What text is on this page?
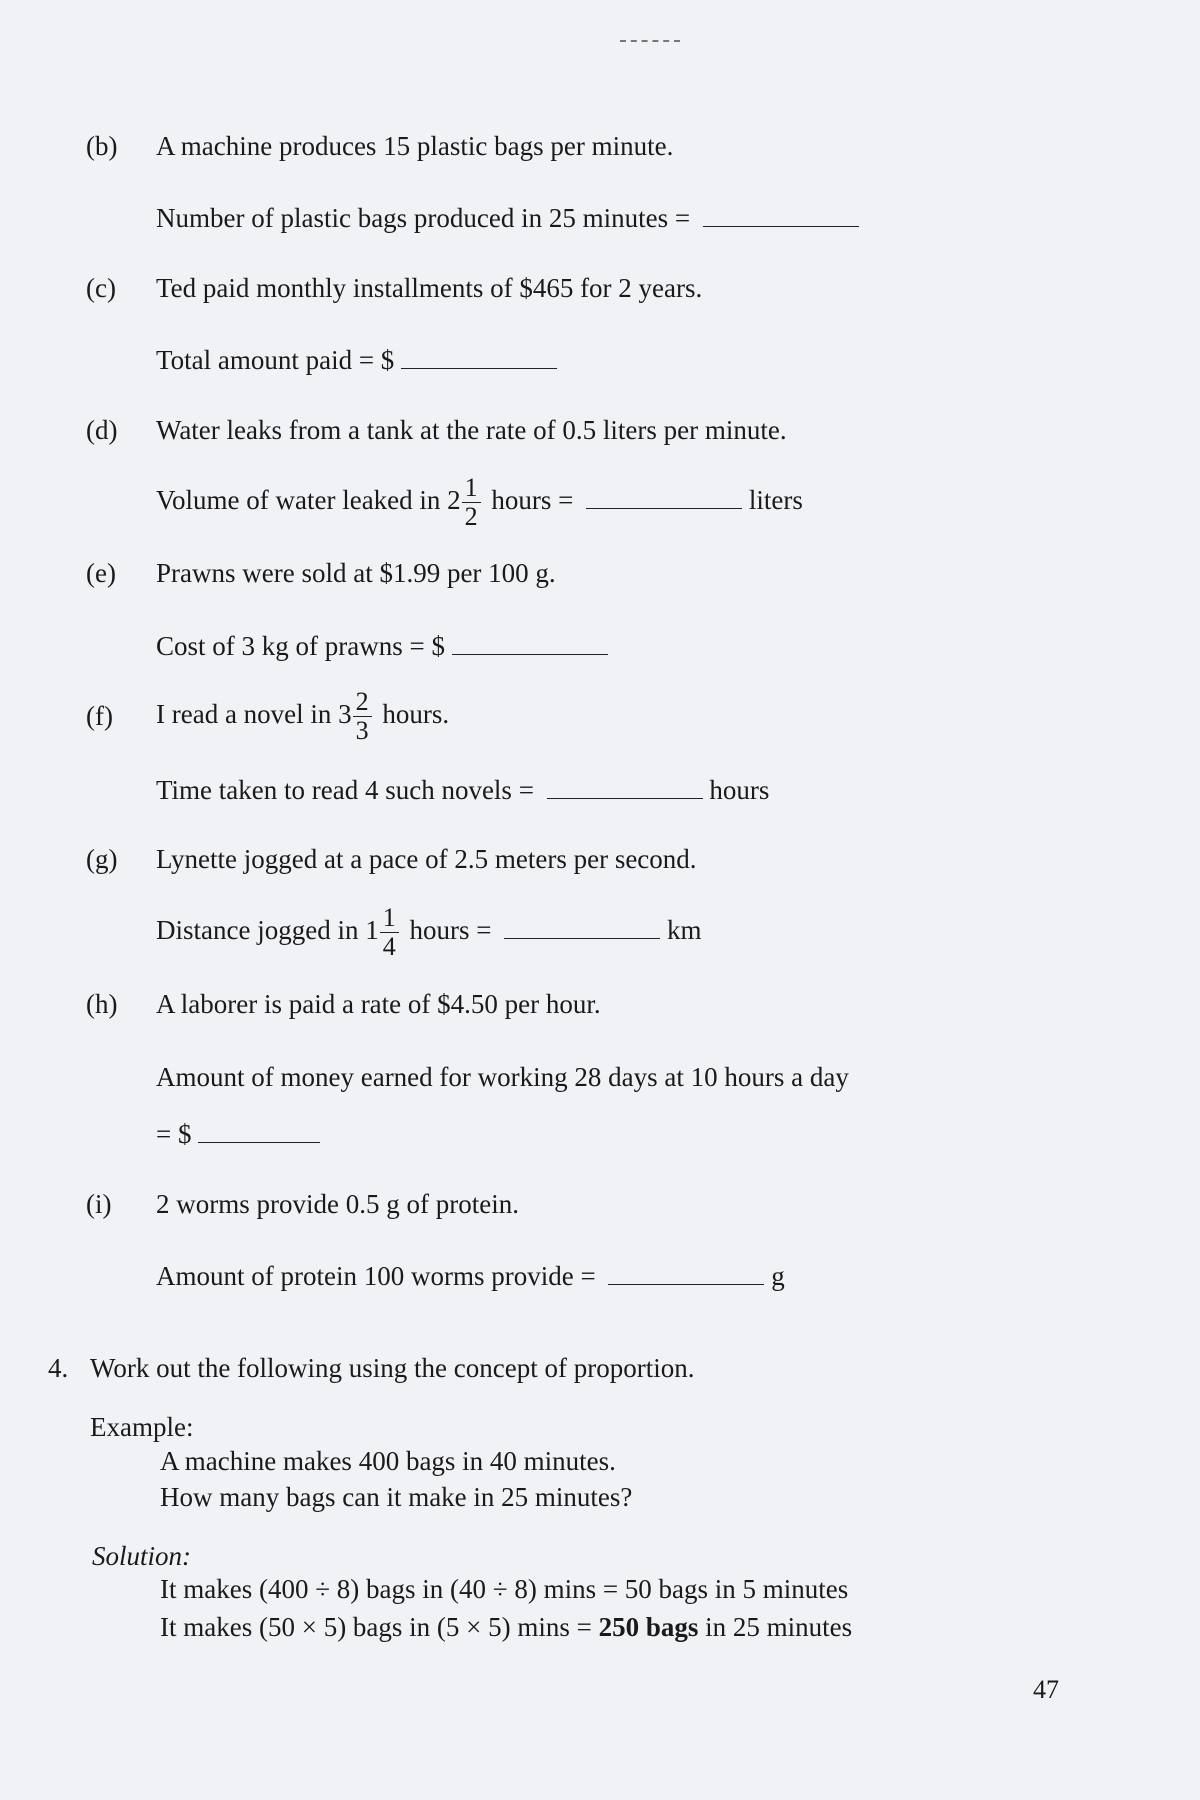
(b) A machine produces 15 plastic bags per minute.
Number of plastic bags produced in 25 minutes =
(c) Ted paid monthly installments of $465 for 2 years.
Total amount paid = $
(d) Water leaks from a tank at the rate of 0.5 liters per minute.
Volume of water leaked in $2 \frac{1}{2}$ hours =	liters
(e) Prawns were sold at $1.99 per 100 g.
Cost of 3 kg of prawns = $
(f) I read a novel in $3 \frac{2}{3}$ hours.
Time taken to read 4 such novels =	hours
(g) Lynette jogged at a pace of 2.5 meters per second.
Distance jogged in $1 \frac{1}{4}$ hours =	km
(h) A laborer is paid a rate of $4.50 per hour.
Amount of money earned for working 28 days at 10 hours a day
= $
(i) 2 worms provide 0.5 g of protein.
Amount of protein 100 worms provide =	g
4. Work out the following using the concept of proportion.
Example:
A machine makes 400 bags in 40 minutes.
How many bags can it make in 25 minutes?
Solution:
It makes (400 ÷ 8) bags in (40 ÷ 8) mins = 50 bags in 5 minutes
It makes (50 × 5) bags in (5 × 5) mins = 250 bags in 25 minutes
47
